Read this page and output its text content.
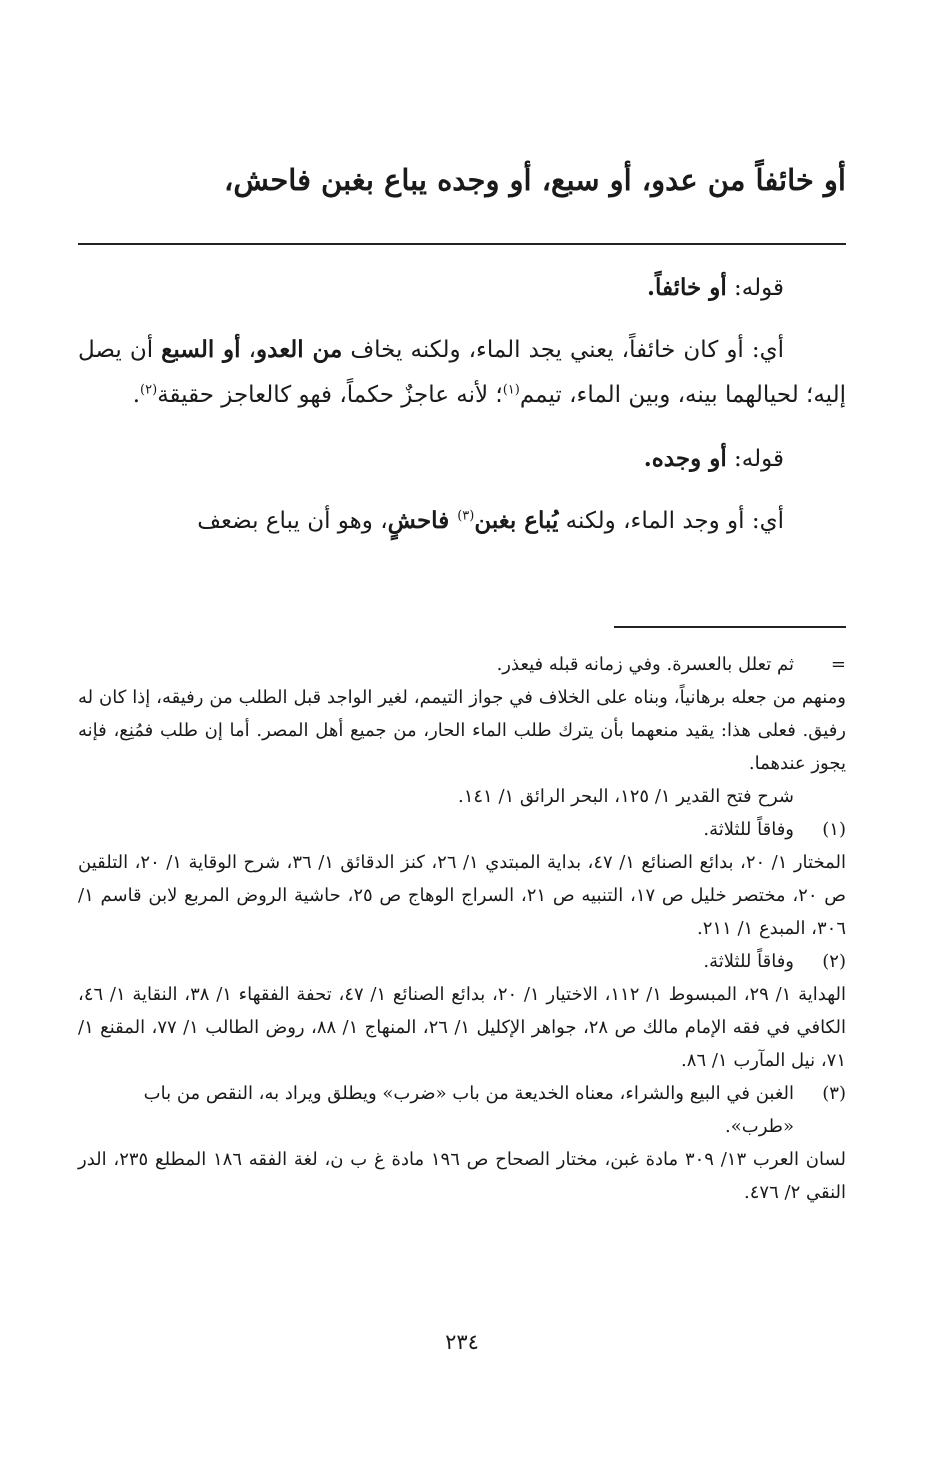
أو خائفاً من عدو، أو سبع، أو وجده يباع بغبن فاحش،

قوله: أو خائفاً.

أي: أو كان خائفاً، يعني يجد الماء، ولكنه يخاف من العدو، أو السبع أن يصل إليه؛ لحيالهما بينه، وبين الماء، تيمم$^{(١)}$؛ لأنه عاجزٌ حكماً، فهو كالعاجز حقيقة$^{(٢)}$.

قوله: أو وجده.

أي: أو وجد الماء، ولكنه يُباع بغبن$^{(٣)}$ فاحشٍ، وهو أن يباع بضعف

=
ثم تعلل بالعسرة. وفي زمانه قبله فيعذر.

ومنهم من جعله برهانياً، وبناه على الخلاف في جواز التيمم، لغير الواجد قبل الطلب من رفيقه، إذا كان له رفيق. فعلى هذا: يقيد منعهما بأن يترك طلب الماء الحار، من جميع أهل المصر. أما إن طلب فمُنِع، فإنه يجوز عندهما.

شرح فتح القدير ١/ ١٢٥، البحر الرائق ١/ ١٤١.

(١)
وفاقاً للثلاثة.

المختار ١/ ٢٠، بدائع الصنائع ١/ ٤٧، بداية المبتدي ١/ ٢٦، كنز الدقائق ١/ ٣٦، شرح الوقاية ١/ ٢٠، التلقين ص ٢٠، مختصر خليل ص ١٧، التنبيه ص ٢١، السراج الوهاج ص ٢٥، حاشية الروض المربع لابن قاسم ١/ ٣٠٦، المبدع ١/ ٢١١.

(٢)
وفاقاً للثلاثة.

الهداية ١/ ٢٩، المبسوط ١/ ١١٢، الاختيار ١/ ٢٠، بدائع الصنائع ١/ ٤٧، تحفة الفقهاء ١/ ٣٨، النقاية ١/ ٤٦، الكافي في فقه الإمام مالك ص ٢٨، جواهر الإكليل ١/ ٢٦، المنهاج ١/ ٨٨، روض الطالب ١/ ٧٧، المقنع ١/ ٧١، نيل المآرب ١/ ٨٦.

(٣)
الغبن في البيع والشراء، معناه الخديعة من باب «ضرب» ويطلق ويراد به، النقص من باب «طرب».

لسان العرب ١٣/ ٣٠٩ مادة غبن، مختار الصحاح ص ١٩٦ مادة غ ب ن، لغة الفقه ١٨٦ المطلع ٢٣٥، الدر النقي ٢/ ٤٧٦.

٢٣٤
